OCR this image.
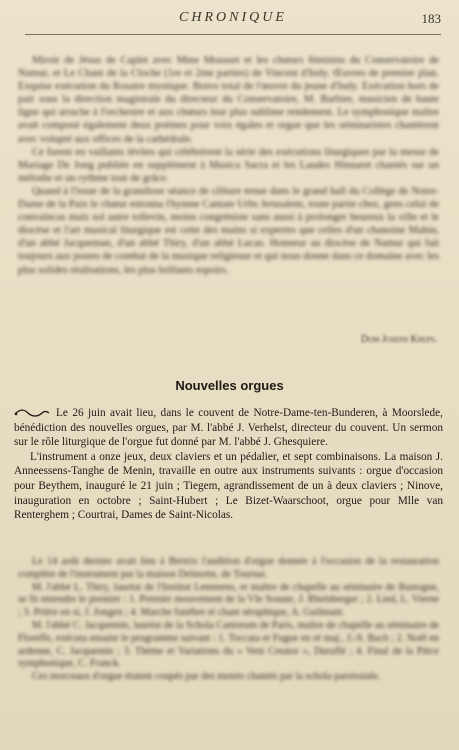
CHRONIQUE	183

Miroir de Jésus de Caplet avec Mme Mousset et les chœurs féminins du Conservatoire de Namur, et Le Chant de la Cloche (1re et 2me parties) de Vincent d'Indy. Œuvres de premier plan. Exquise exécution du Rosaire mystique. Bravo total de l'œuvre du jeune d'Indy. Exécution hors de pair sous la direction magistrale du directeur du Conservatoire, M. Barbier, musicien de haute ligne qui arrache à l'orchestre et aux chœurs leur plus sublime rendement. Le symphonique maître avait composé également deux poèmes pour voix égales et orgue que les séminaristes chantèrent avec volupté aux offices de la cathédrale.

Ce furent en vaillants lévites qui célébrèrent la série des exécutions liturgiques par la messe de Mariage De Jong publiée en supplément à Musica Sacra et les Laudes Hinnaret chantés sur un mélodie et un rythme tout de grâce.

Quand à l'issue de la grandiose séance de clôture tenue dans le grand hall du Collège de Notre-Dame de la Paix le chœur entonna l'hymne Cantate Urbs Jerusalem, toute partie chez, gens celui de convaincus mais sol autre tollevin, moins congréniste sans aussi à prolonger heureux la ville et le diocèse et l'art musical liturgique est cette des mains si expertes que celles d'un chanoine Mahin, d'un abbé Jacqueman, d'un abbé Thiry, d'un abbé Lucas. Honneur au diocèse de Namur qui fait toujours aux postes de combat de la musique religieuse et qui nous donne dans ce domaine avec les plus solides réalisations, les plus brillants espoirs.

Dom Joseph Kreps.
Nouvelles orgues

Le 26 juin avait lieu, dans le couvent de Notre-Dame-ten-Bunderen, à Moorslede, bénédiction des nouvelles orgues, par M. l'abbé J. Verhelst, directeur du couvent. Un sermon sur le rôle liturgique de l'orgue fut donné par M. l'abbé J. Ghesquiere.

L'instrument a onze jeux, deux claviers et un pédalier, et sept combinaisons. La maison J. Anneessens-Tanghe de Menin, travaille en outre aux instruments suivants : orgue d'occasion pour Beythem, inauguré le 21 juin ; Tiegem, agrandissement de un à deux claviers ; Ninove, inauguration en octobre ; Saint-Hubert ; Le Bizet-Waarschoot, orgue pour Mlle van Renterghem ; Courtrai, Dames de Saint-Nicolas.

Le 14 août dernier avait lieu à Bertrix l'audition d'orgue donnée à l'occasion de la restauration complète de l'instrument par la maison Delmotte, de Tournai.

M. l'abbé L. Thiry, lauréat de l'Institut Lemmens, et maître de chapelle au séminaire de Bastogne, se fit entendre le premier : 1. Premier mouvement de la VIe Sonate, J. Rheinberger ; 2. Lied, L. Vierne ; 3. Prière en si, J. Jongen ; 4. Marche funèbre et chant séraphique, A. Guilmant.

M. l'abbé C. Jacquemin, lauréat de la Schola Cantorum de Paris, maître de chapelle au séminaire de Floreffe, exécuta ensuite le programme suivant : 1. Toccata et Fugue en ré maj., J.-S. Bach ; 2. Noël en ardenne, C. Jacquemin ; 3. Thème et Variations du « Veni Creator », Duruflé ; 4. Final de la Pièce symphonique, C. Franck.

Ces morceaux d'orgue étaient coupés par des motets chantés par la schola paroissiale.
